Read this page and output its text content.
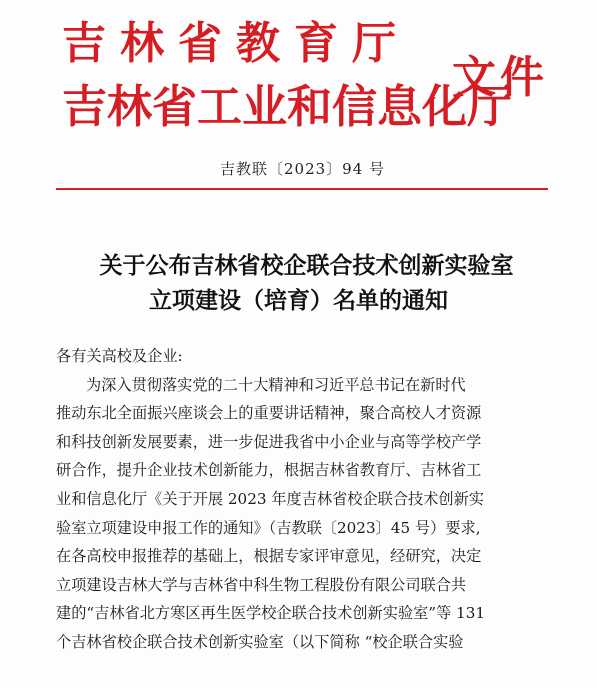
吉林省教育厅
吉林省工业和信息化厅
文件
吉教联〔2023〕94 号
关于公布吉林省校企联合技术创新实验室
立项建设（培育）名单的通知

各有关高校及企业:

为深入贯彻落实党的二十大精神和习近平总书记在新时代

推动东北全面振兴座谈会上的重要讲话精神，聚合高校人才资源

和科技创新发展要素，进一步促进我省中小企业与高等学校产学

研合作，提升企业技术创新能力，根据吉林省教育厅、吉林省工

业和信息化厅《关于开展 2023 年度吉林省校企联合技术创新实

验室立项建设申报工作的通知》（吉教联〔2023〕45 号）要求,

在各高校申报推荐的基础上，根据专家评审意见，经研究，决定

立项建设吉林大学与吉林省中科生物工程股份有限公司联合共

建的“吉林省北方寒区再生医学校企联合技术创新实验室”等 131

个吉林省校企联合技术创新实验室（以下简称 “校企联合实验
